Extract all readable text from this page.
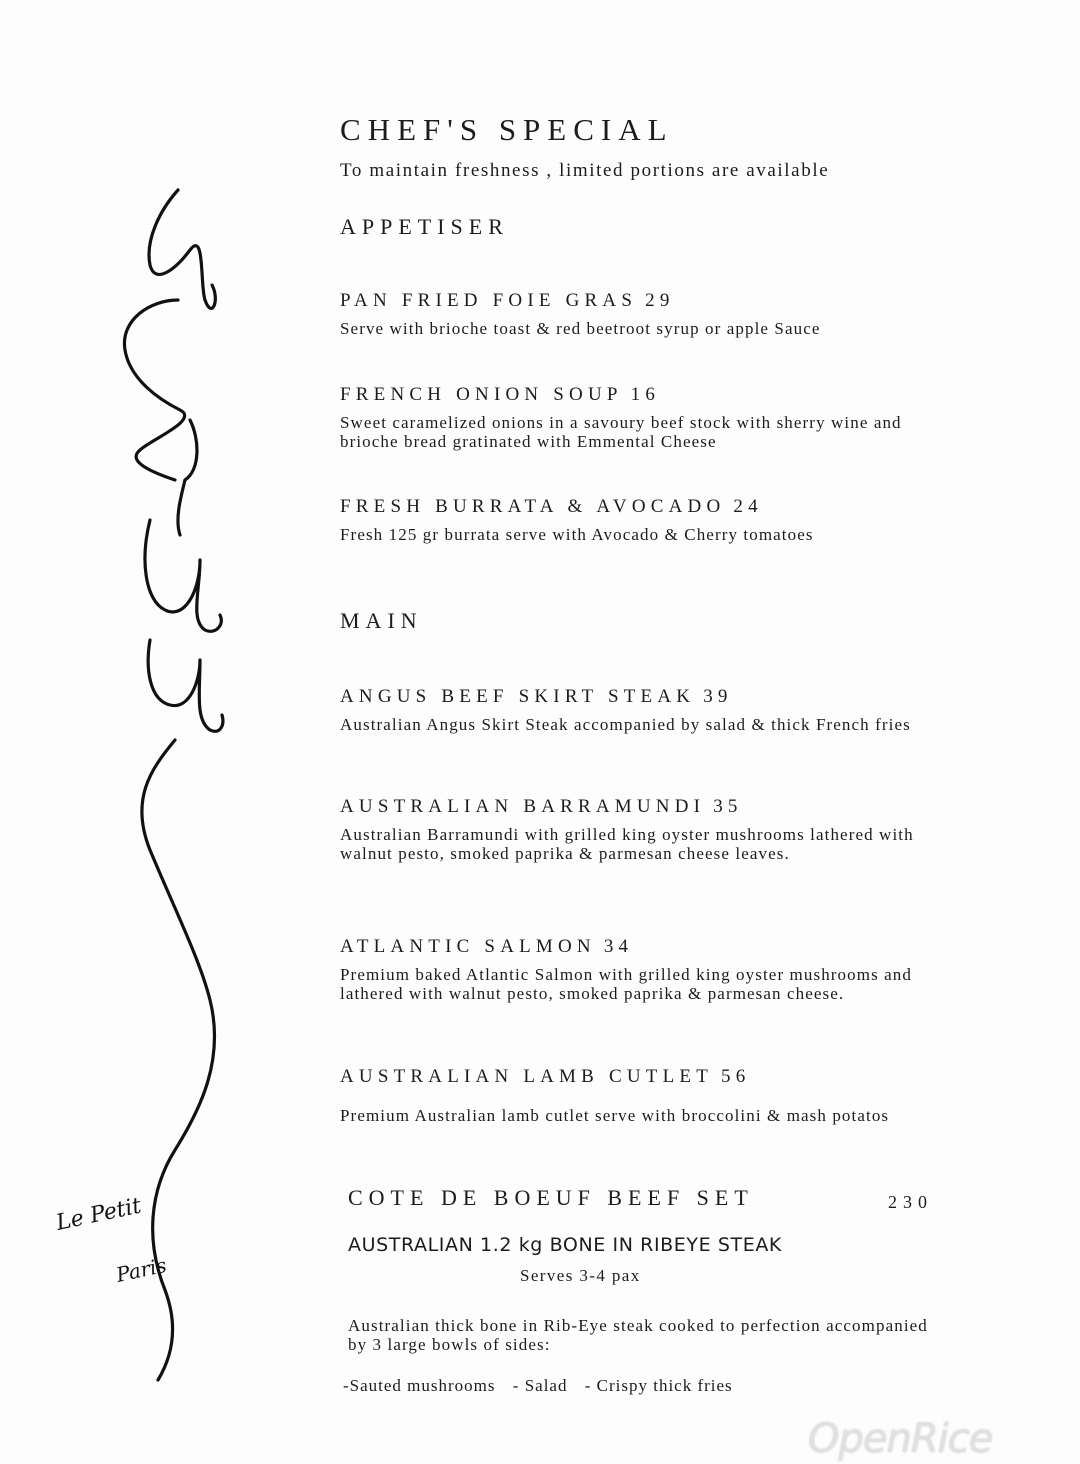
Le Petit
Paris
CHEF'S SPECIAL
To maintain freshness , limited portions are available
APPETISER
PAN FRIED FOIE GRAS 29
Serve with brioche toast & red beetroot syrup or apple Sauce
FRENCH ONION SOUP 16
Sweet caramelized onions in a savoury beef stock with sherry wine and brioche bread gratinated with Emmental Cheese
FRESH BURRATA & AVOCADO 24
Fresh 125 gr burrata serve with Avocado & Cherry tomatoes
MAIN
ANGUS BEEF SKIRT STEAK 39
Australian Angus Skirt Steak accompanied by salad & thick French fries
AUSTRALIAN BARRAMUNDI 35
Australian Barramundi with grilled king oyster mushrooms lathered with walnut pesto, smoked paprika & parmesan cheese leaves.
ATLANTIC SALMON 34
Premium baked Atlantic Salmon with grilled king oyster mushrooms and lathered with walnut pesto, smoked paprika & parmesan cheese.
AUSTRALIAN LAMB CUTLET 56
Premium Australian lamb cutlet serve with broccolini & mash potatos
COTE DE BOEUF BEEF SET	230
AUSTRALIAN 1.2 kg BONE IN RIBEYE STEAK
Serves 3-4 pax
Australian thick bone in Rib-Eye steak cooked to perfection accompanied by 3 large bowls of sides:
-Sauted mushrooms - Salad - Crispy thick fries
OpenRice
